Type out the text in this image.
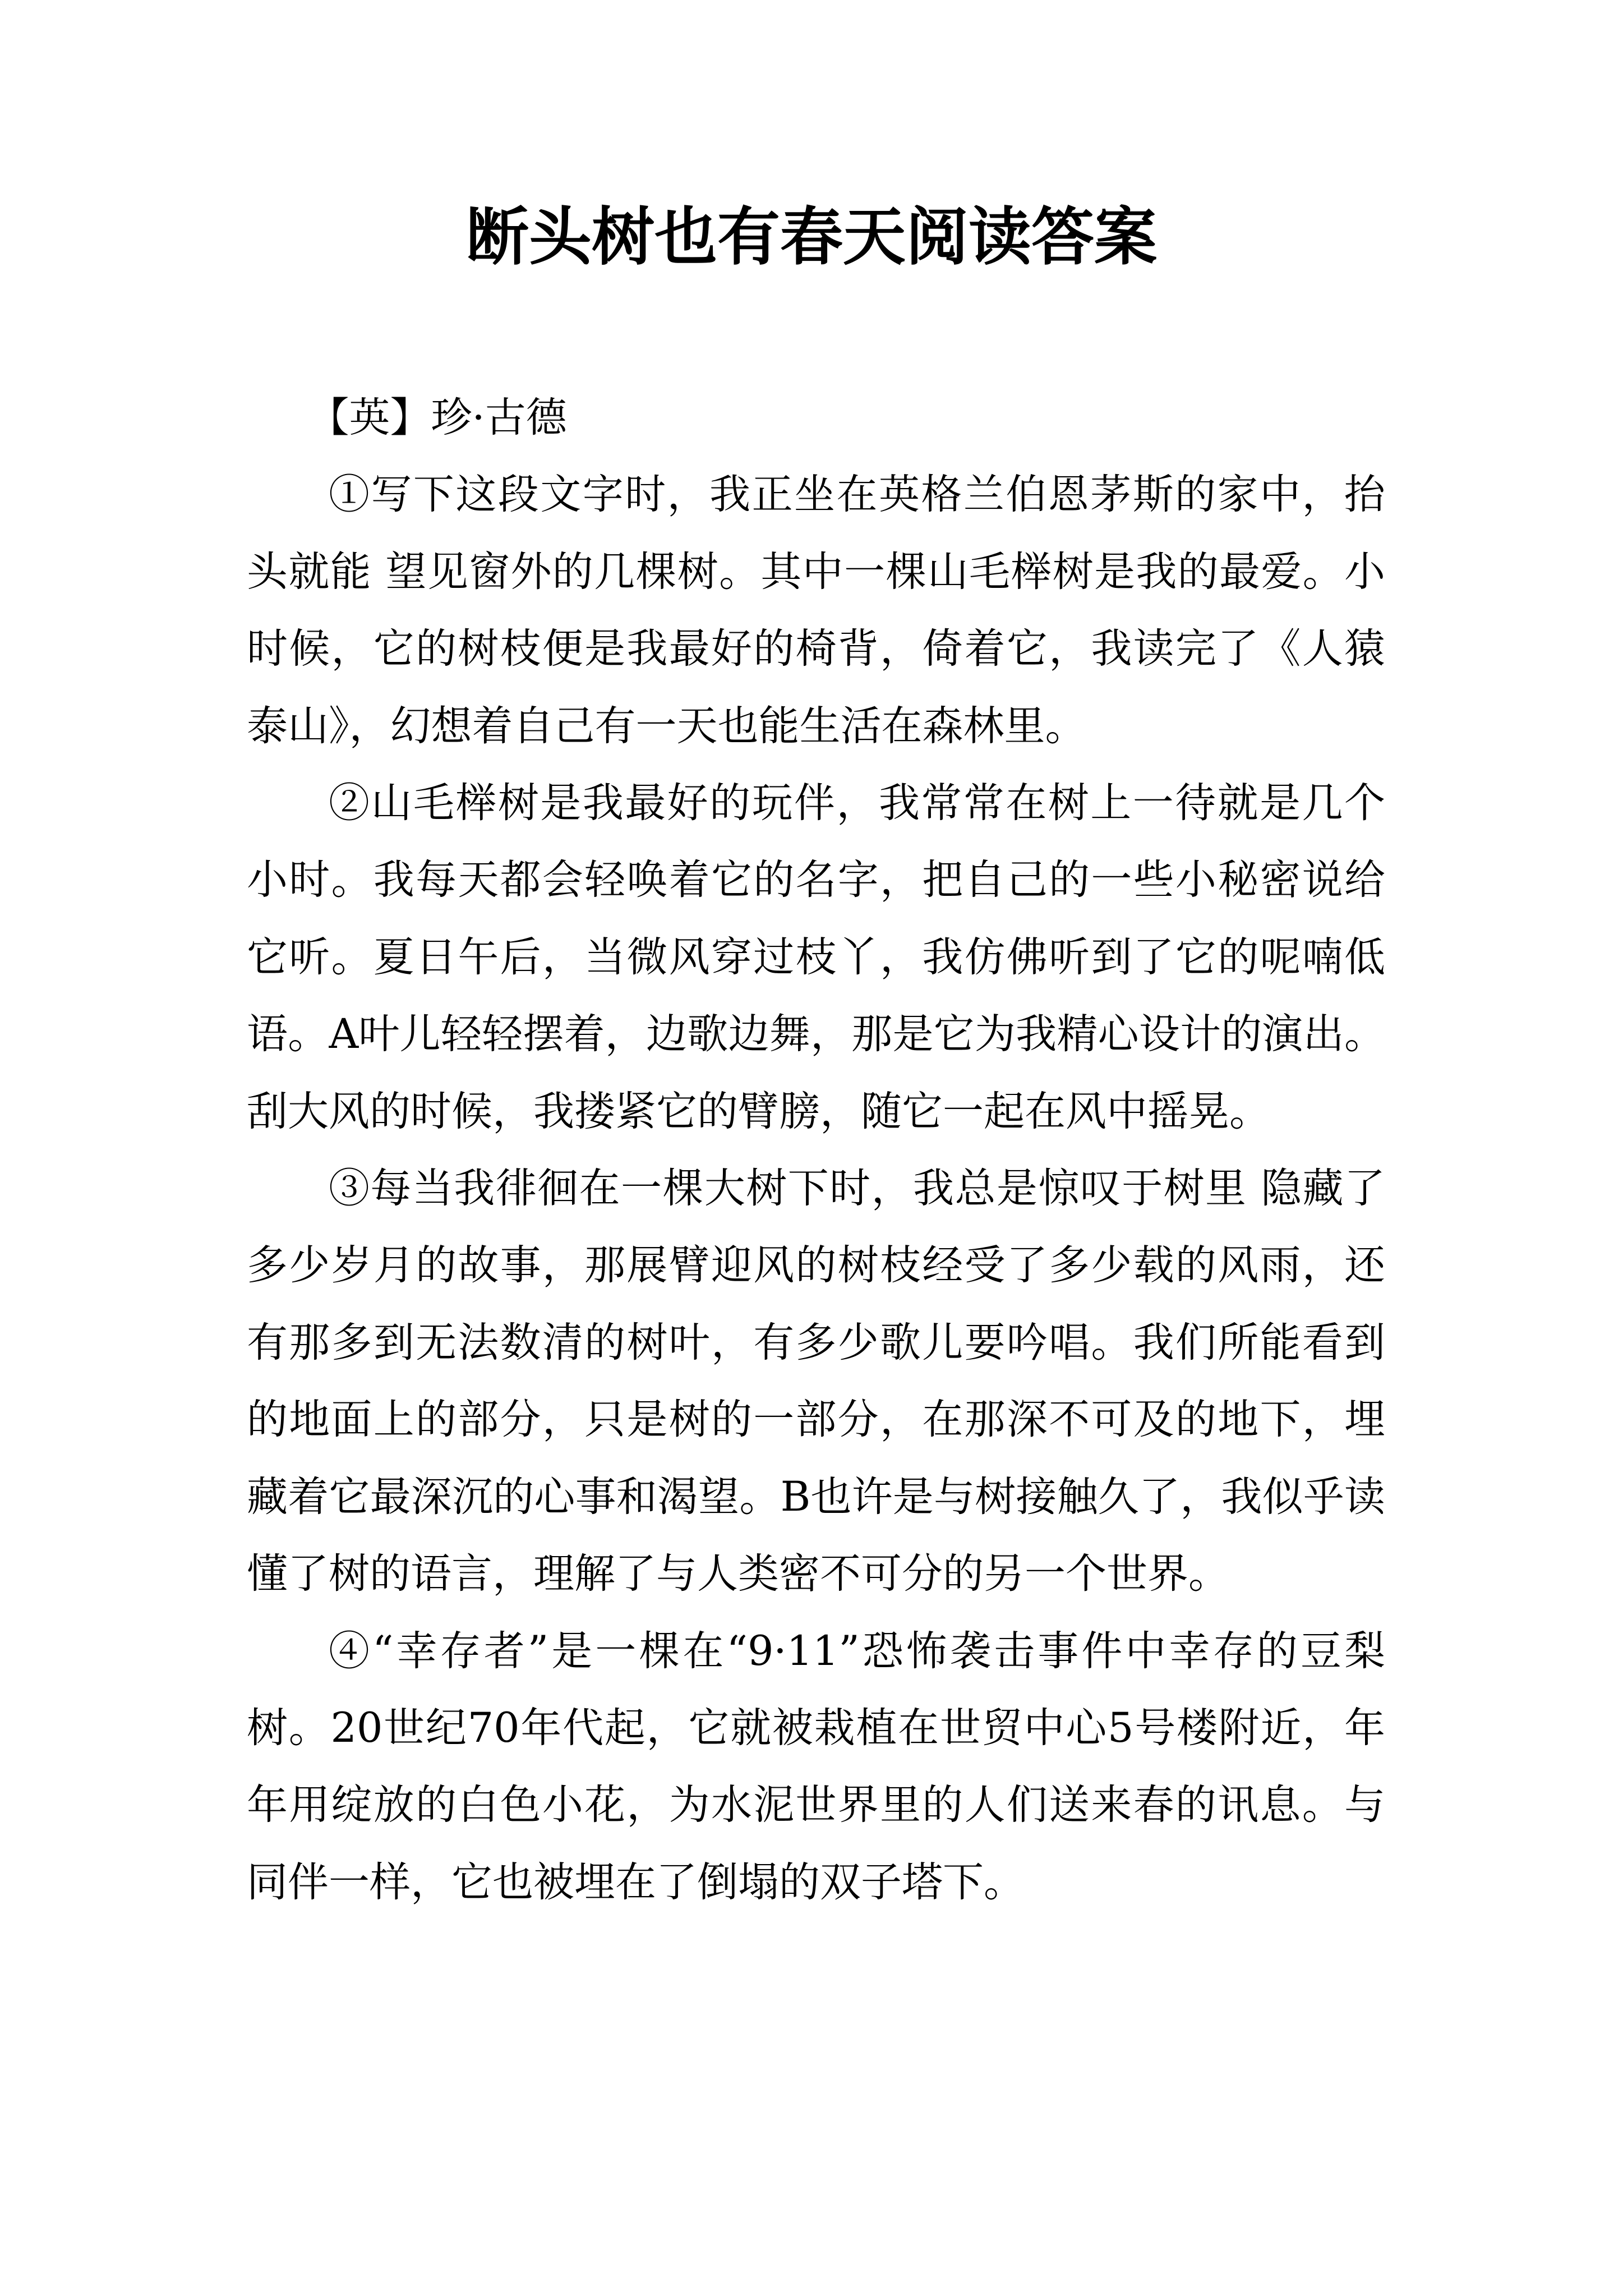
断头树也有春天阅读答案

【英】珍·古德

①写下这段文字时，我正坐在英格兰伯恩茅斯的家中，抬头就能 望见窗外的几棵树。其中一棵山毛榉树是我的最爱。小时候，它的树枝便是我最好的椅背，倚着它，我读完了《人猿泰山》，幻想着自己有一天也能生活在森林里。

②山毛榉树是我最好的玩伴，我常常在树上一待就是几个小时。我每天都会轻唤着它的名字，把自己的一些小秘密说给它听。夏日午后，当微风穿过枝丫，我仿佛听到了它的呢喃低语。A叶儿轻轻摆着，边歌边舞，那是它为我精心设计的演出。刮大风的时候，我搂紧它的臂膀，随它一起在风中摇晃。

③每当我徘徊在一棵大树下时，我总是惊叹于树里 隐藏了多少岁月的故事，那展臂迎风的树枝经受了多少载的风雨，还有那多到无法数清的树叶，有多少歌儿要吟唱。我们所能看到的地面上的部分，只是树的一部分，在那深不可及的地下，埋藏着它最深沉的心事和渴望。B也许是与树接触久了，我似乎读懂了树的语言，理解了与人类密不可分的另一个世界。

④“幸存者”是一棵在“9·11”恐怖袭击事件中幸存的豆梨树。20世纪70年代起，它就被栽植在世贸中心5号楼附近，年年用绽放的白色小花，为水泥世界里的人们送来春的讯息。与同伴一样，它也被埋在了倒塌的双子塔下。
